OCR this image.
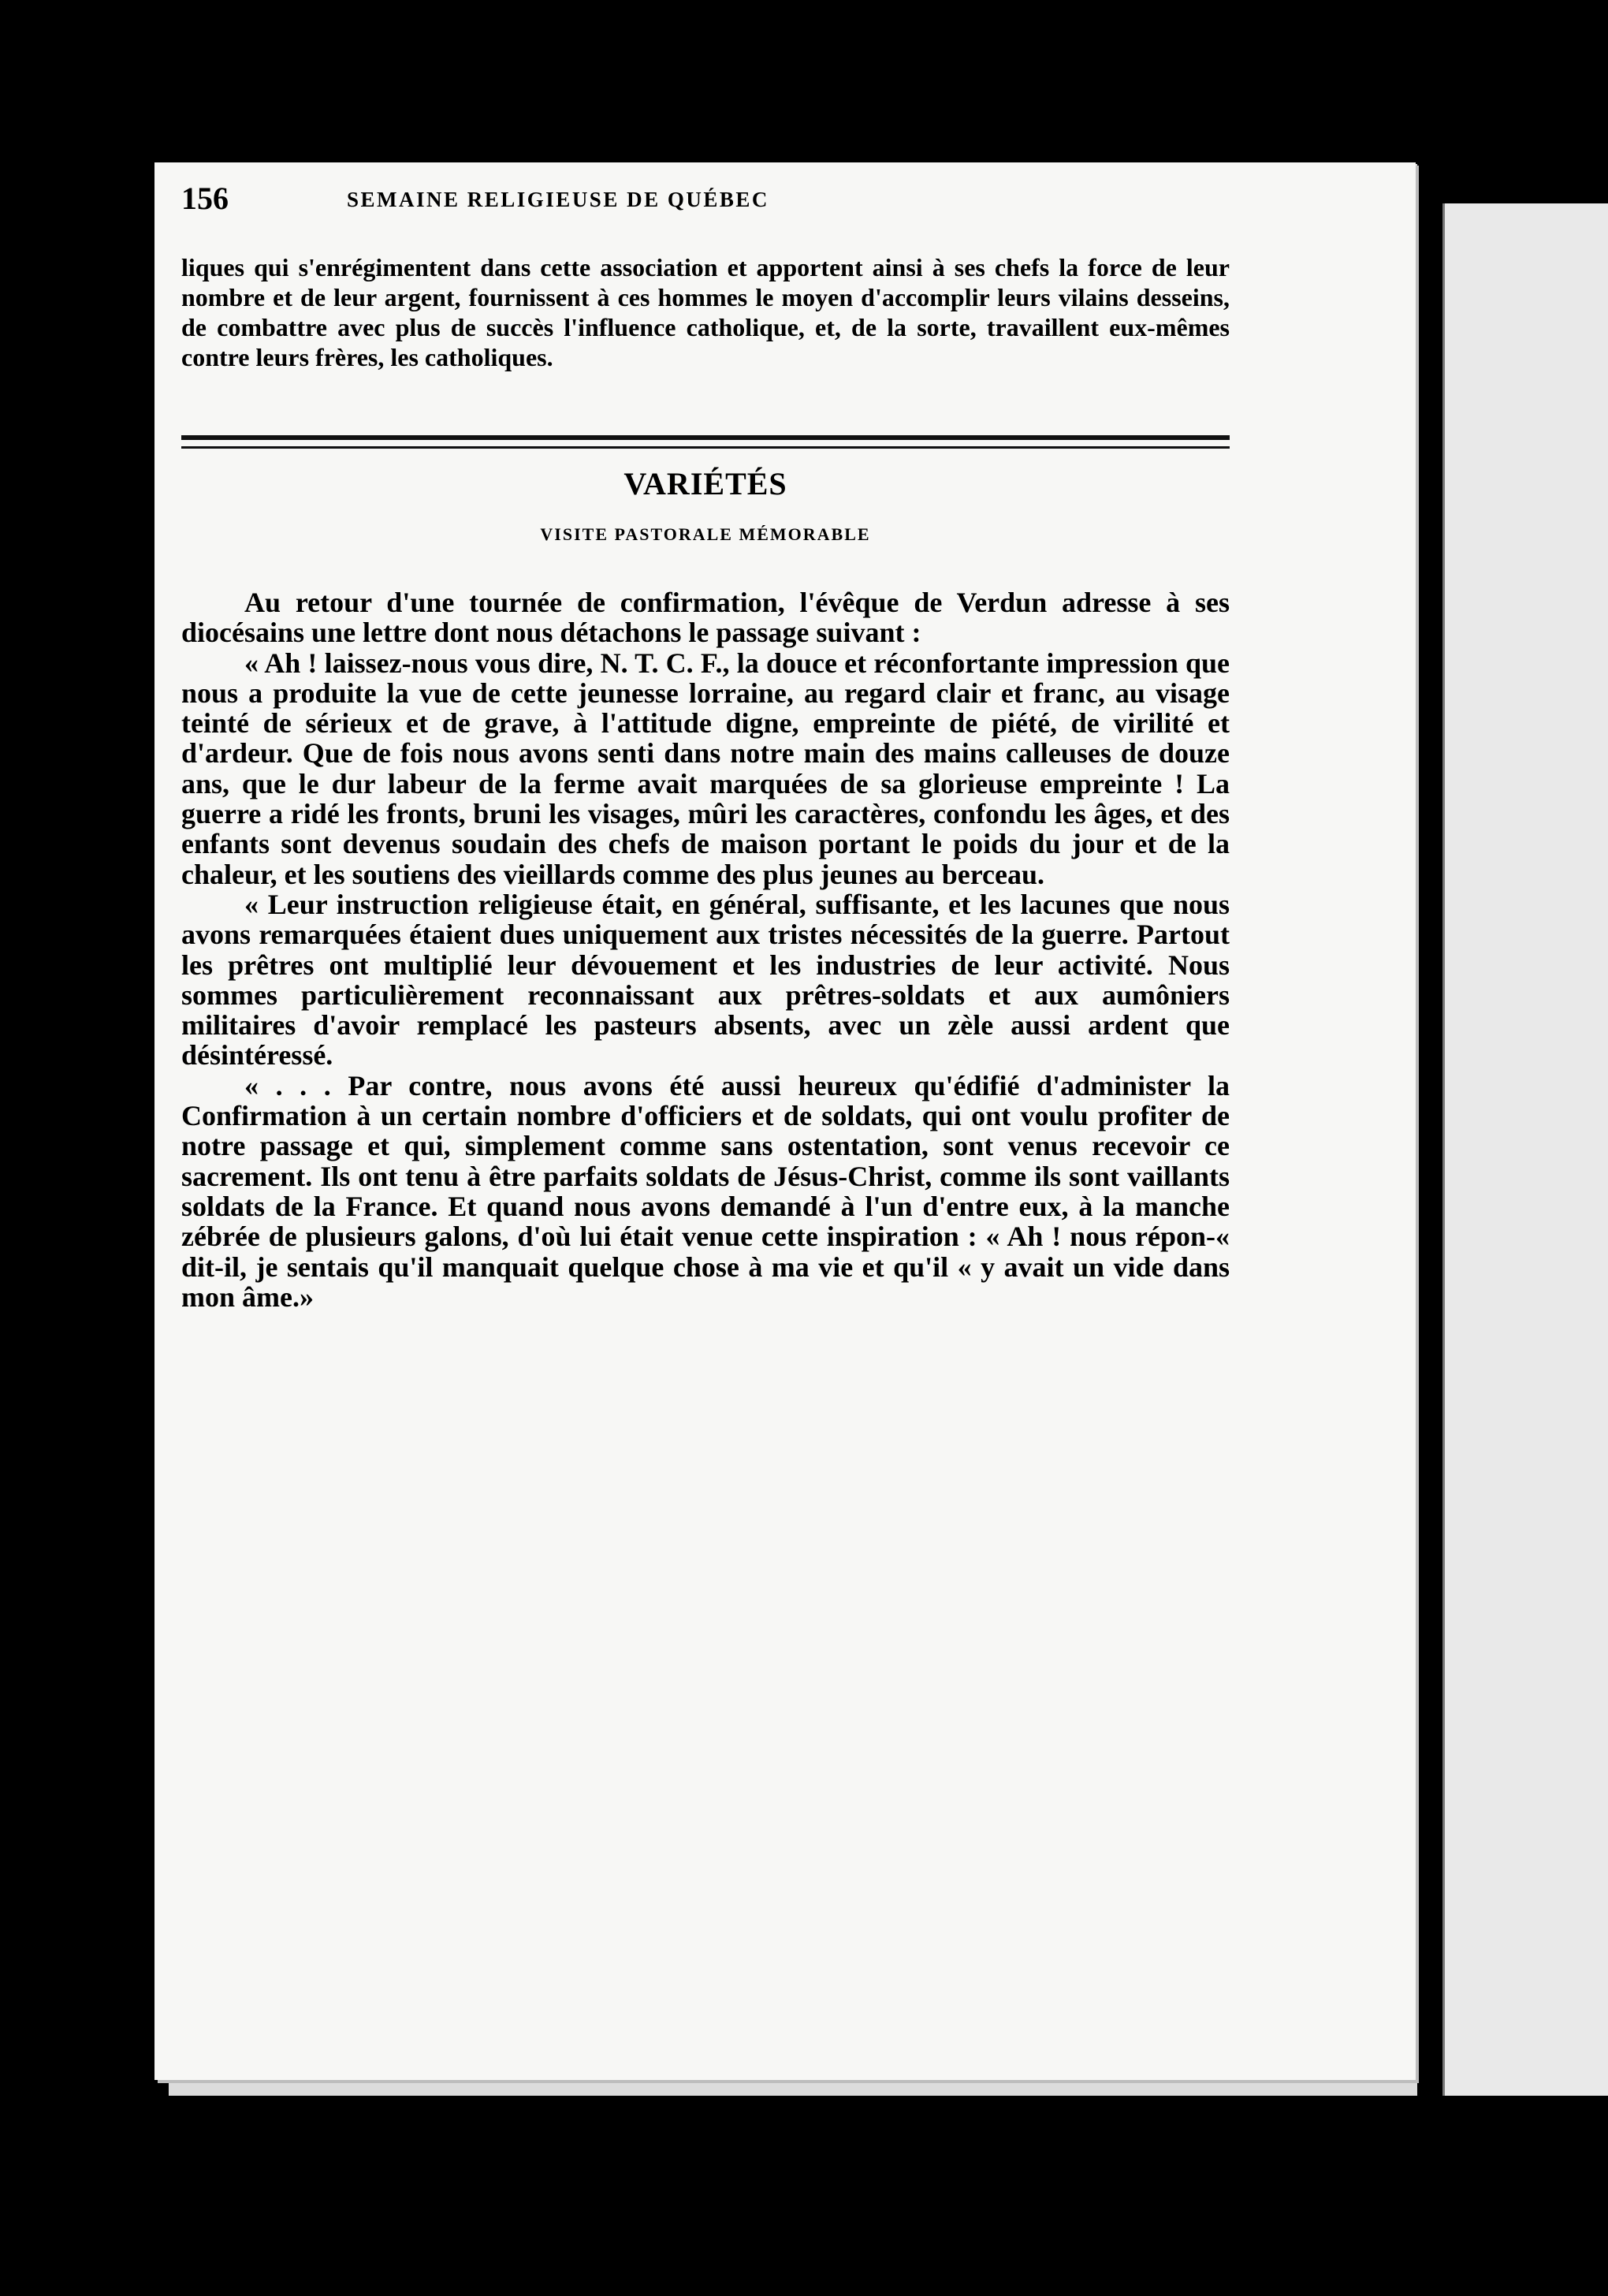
156	SEMAINE RELIGIEUSE DE QUÉBEC
liques qui s'enrégimentent dans cette association et apportent ainsi à ses chefs la force de leur nombre et de leur argent, fournissent à ces hommes le moyen d'accomplir leurs vilains desseins, de combattre avec plus de succès l'influence catholique, et, de la sorte, travaillent eux-mêmes contre leurs frères, les catholiques.
VARIÉTÉS
VISITE PASTORALE MÉMORABLE

Au retour d'une tournée de confirmation, l'évêque de Verdun adresse à ses diocésains une lettre dont nous détachons le passage suivant :

« Ah ! laissez-nous vous dire, N. T. C. F., la douce et réconfortante impression que nous a produite la vue de cette jeunesse lorraine, au regard clair et franc, au visage teinté de sérieux et de grave, à l'attitude digne, empreinte de piété, de virilité et d'ardeur. Que de fois nous avons senti dans notre main des mains calleuses de douze ans, que le dur labeur de la ferme avait marquées de sa glorieuse empreinte ! La guerre a ridé les fronts, bruni les visages, mûri les caractères, confondu les âges, et des enfants sont devenus soudain des chefs de maison portant le poids du jour et de la chaleur, et les soutiens des vieillards comme des plus jeunes au berceau.

« Leur instruction religieuse était, en général, suffisante, et les lacunes que nous avons remarquées étaient dues uniquement aux tristes nécessités de la guerre. Partout les prêtres ont multiplié leur dévouement et les industries de leur activité. Nous sommes particulièrement reconnaissant aux prêtres-soldats et aux aumôniers militaires d'avoir remplacé les pasteurs absents, avec un zèle aussi ardent que désintéressé.

« . . . Par contre, nous avons été aussi heureux qu'édifié d'administer la Confirmation à un certain nombre d'officiers et de soldats, qui ont voulu profiter de notre passage et qui, simplement comme sans ostentation, sont venus recevoir ce sacrement. Ils ont tenu à être parfaits soldats de Jésus-Christ, comme ils sont vaillants soldats de la France. Et quand nous avons demandé à l'un d'entre eux, à la manche zébrée de plusieurs galons, d'où lui était venue cette inspiration : « Ah ! nous répon-« dit-il, je sentais qu'il manquait quelque chose à ma vie et qu'il « y avait un vide dans mon âme.»
